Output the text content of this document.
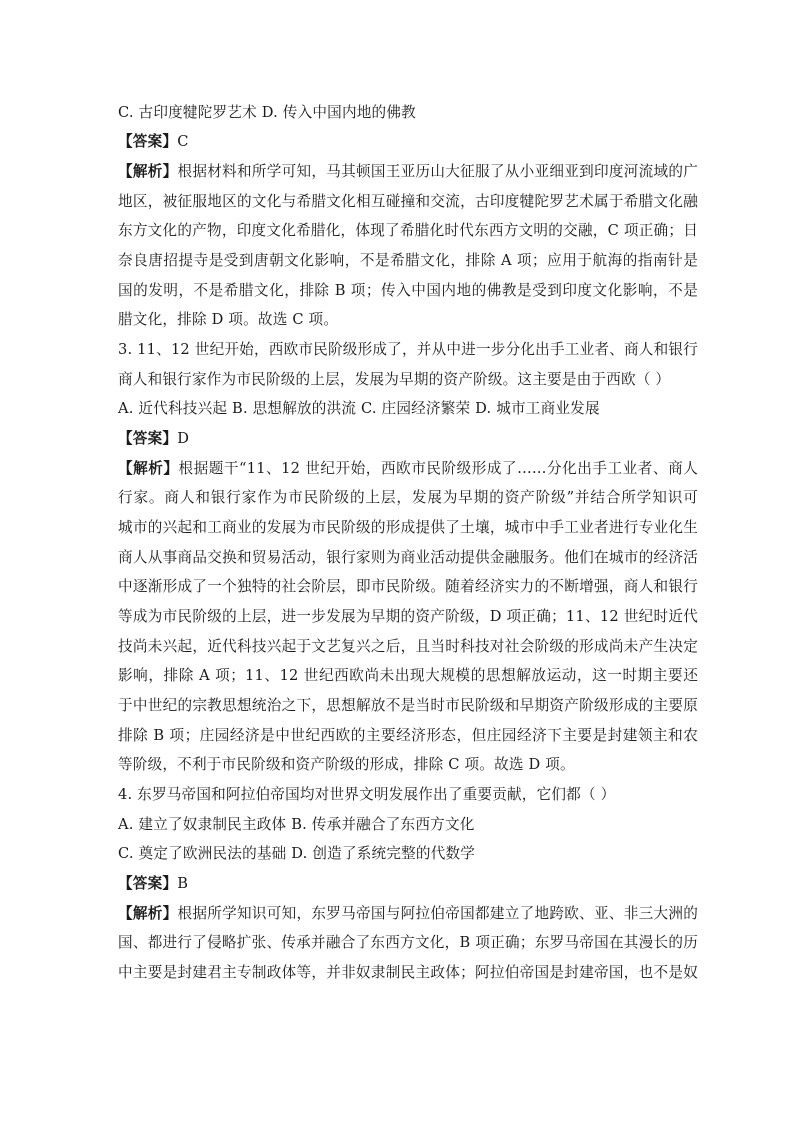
C. 古印度犍陀罗艺术 D. 传入中国内地的佛教
【答案】C
【解析】根据材料和所学可知，马其顿国王亚历山大征服了从小亚细亚到印度河流域的广
地区，被征服地区的文化与希腊文化相互碰撞和交流，古印度犍陀罗艺术属于希腊文化融
东方文化的产物，印度文化希腊化，体现了希腊化时代东西方文明的交融，C 项正确；日
奈良唐招提寺是受到唐朝文化影响，不是希腊文化，排除 A 项；应用于航海的指南针是
国的发明，不是希腊文化，排除 B 项；传入中国内地的佛教是受到印度文化影响，不是
腊文化，排除 D 项。故选 C 项。
3. 11、12 世纪开始，西欧市民阶级形成了，并从中进一步分化出手工业者、商人和银行
商人和银行家作为市民阶级的上层，发展为早期的资产阶级。这主要是由于西欧（ ）
A. 近代科技兴起 B. 思想解放的洪流 C. 庄园经济繁荣 D. 城市工商业发展
【答案】D
【解析】根据题干“11、12 世纪开始，西欧市民阶级形成了……分化出手工业者、商人
行家。商人和银行家作为市民阶级的上层，发展为早期的资产阶级”并结合所学知识可
城市的兴起和工商业的发展为市民阶级的形成提供了土壤，城市中手工业者进行专业化生
商人从事商品交换和贸易活动，银行家则为商业活动提供金融服务。他们在城市的经济活
中逐渐形成了一个独特的社会阶层，即市民阶级。随着经济实力的不断增强，商人和银行
等成为市民阶级的上层，进一步发展为早期的资产阶级，D 项正确；11、12 世纪时近代
技尚未兴起，近代科技兴起于文艺复兴之后，且当时科技对社会阶级的形成尚未产生决定
影响，排除 A 项；11、12 世纪西欧尚未出现大规模的思想解放运动，这一时期主要还
于中世纪的宗教思想统治之下，思想解放不是当时市民阶级和早期资产阶级形成的主要原
排除 B 项；庄园经济是中世纪西欧的主要经济形态，但庄园经济下主要是封建领主和农
等阶级，不利于市民阶级和资产阶级的形成，排除 C 项。故选 D 项。
4. 东罗马帝国和阿拉伯帝国均对世界文明发展作出了重要贡献，它们都（ ）
A. 建立了奴隶制民主政体 B. 传承并融合了东西方文化
C. 奠定了欧洲民法的基础 D. 创造了系统完整的代数学
【答案】B
【解析】根据所学知识可知，东罗马帝国与阿拉伯帝国都建立了地跨欧、亚、非三大洲的
国、都进行了侵略扩张、传承并融合了东西方文化，B 项正确；东罗马帝国在其漫长的历
中主要是封建君主专制政体等，并非奴隶制民主政体；阿拉伯帝国是封建帝国，也不是奴
